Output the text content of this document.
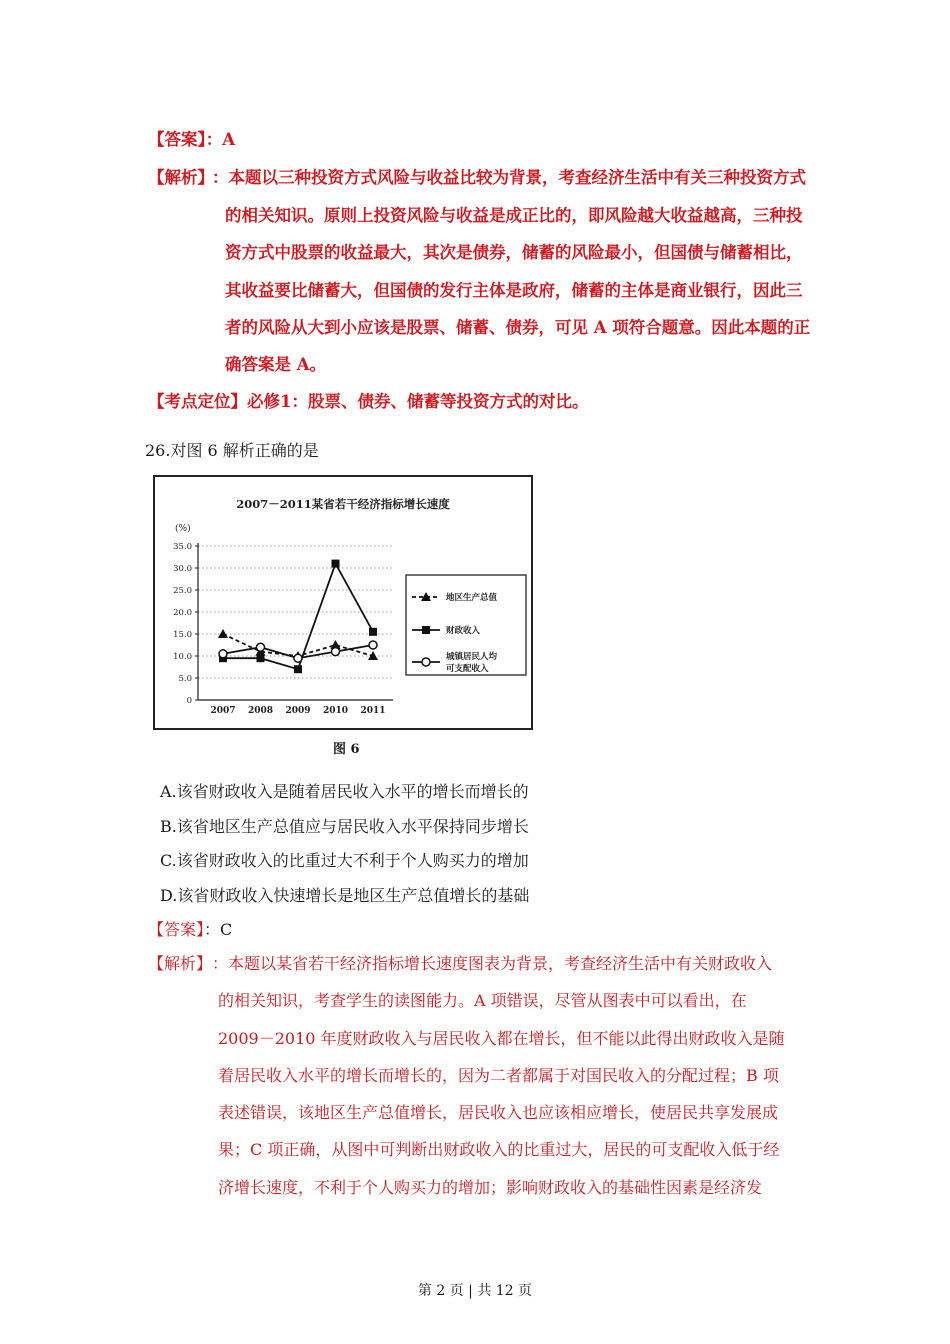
【答案】：A
【解析】
：本题以三种投资方式风险与收益比较为背景，考查经济生活中有关三种投资方式
的相关知识。原则上投资风险与收益是成正比的，即风险越大收益越高，三种投
资方式中股票的收益最大，其次是债券，储蓄的风险最小，但国债与储蓄相比，
其收益要比储蓄大，但国债的发行主体是政府，储蓄的主体是商业银行，因此三
者的风险从大到小应该是股票、储蓄、债券，可见 A 项符合题意。因此本题的正
确答案是 A。
【考点定位】必修1：股票、债券、储蓄等投资方式的对比。
26.对图 6 解析正确的是
2007－2011某省若干经济指标增长速度
(%)
0
5.0
10.0
15.0
20.0
25.0
30.0
35.0
2007 2008 2009 2010 2011
地区生产总值
财政收入
城镇居民人均
可支配收入
图 6
A.该省财政收入是随着居民收入水平的增长而增长的
B.该省地区生产总值应与居民收入水平保持同步增长
C.该省财政收入的比重过大不利于个人购买力的增加
D.该省财政收入快速增长是地区生产总值增长的基础
【答案】：C
【解析】 ：本题以某省若干经济指标增长速度图表为背景，考查经济生活中有关财政收入
的相关知识，考查学生的读图能力。A 项错误，尽管从图表中可以看出，在
2009－2010 年度财政收入与居民收入都在增长，但不能以此得出财政收入是随
着居民收入水平的增长而增长的，因为二者都属于对国民收入的分配过程；B 项
表述错误，该地区生产总值增长，居民收入也应该相应增长，使居民共享发展成
果；C 项正确，从图中可判断出财政收入的比重过大，居民的可支配收入低于经
济增长速度，不利于个人购买力的增加；影响财政收入的基础性因素是经济发
第 2 页 | 共 12 页
